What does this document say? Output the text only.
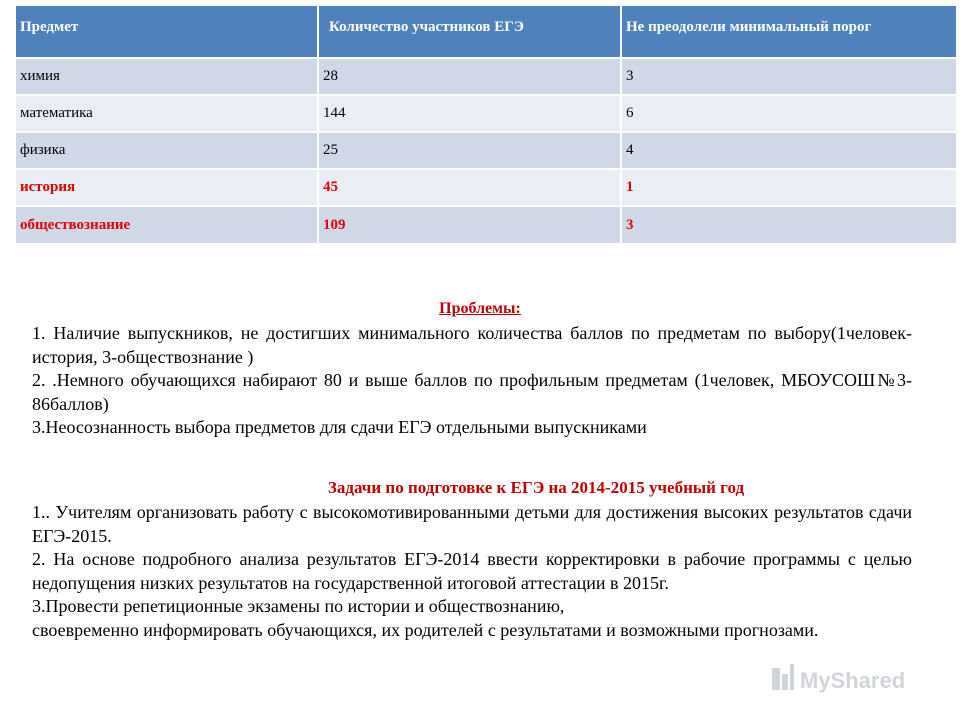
Предмет	Количество участников ЕГЭ	Не преодолели минимальный порог
химия	28	3
математика	144	6
физика	25	4
история	45	1
обществознание	109	3
Проблемы:

1. Наличие выпускников, не достигших минимального количества баллов по предметам по выбору(1человек- история, 3-обществознание )

2. .Немного обучающихся набирают 80 и выше баллов по профильным предметам (1человек, МБОУСОШ№3-86баллов)

3.Неосознанность выбора предметов для сдачи ЕГЭ отдельными выпускниками

Задачи по подготовке к ЕГЭ на 2014-2015 учебный год

1.. Учителям организовать работу с высокомотивированными детьми для достижения высоких результатов сдачи ЕГЭ-2015.

2. На основе подробного анализа результатов ЕГЭ-2014 ввести корректировки в рабочие программы с целью недопущения низких результатов на государственной итоговой аттестации в 2015г.

3.Провести репетиционные экзамены по истории и обществознанию,

своевременно информировать обучающихся, их родителей с результатами и возможными прогнозами.

MyShared
